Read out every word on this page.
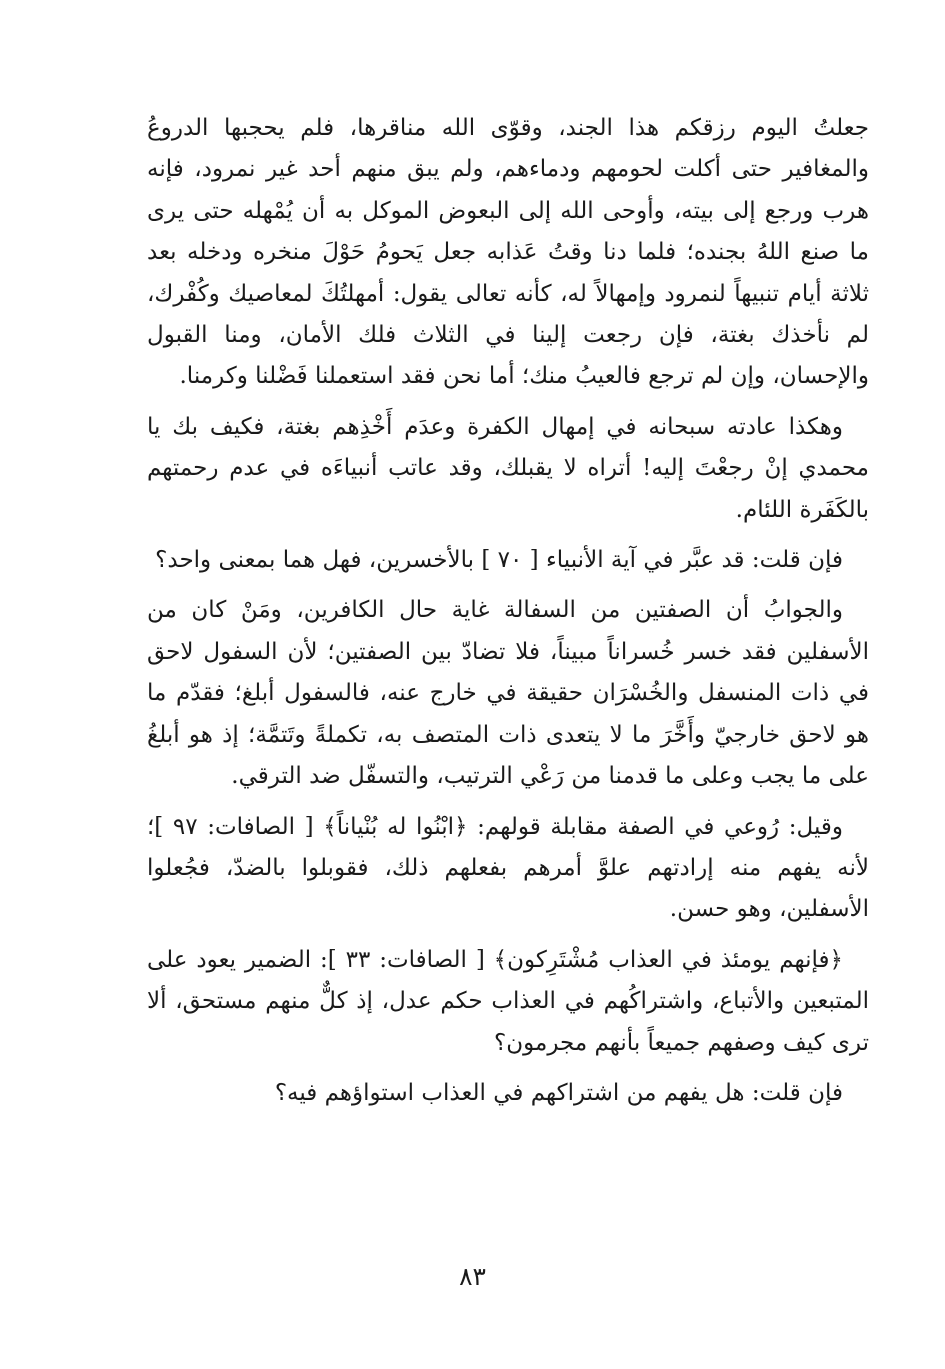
جعلتُ اليوم رزقكم هذا الجند، وقوّى الله مناقرها، فلم يحجبها الدروعُ والمغافير حتى أكلت لحومهم ودماءهم، ولم يبق منهم أحد غير نمرود، فإنه هرب ورجع إلى بيته، وأوحى الله إلى البعوض الموكل به أن يُمْهله حتى يرى ما صنع اللهُ بجنده؛ فلما دنا وقتُ عَذابه جعل يَحومُ حَوْلَ منخره ودخله بعد ثلاثة أيام تنبيهاً لنمرود وإمهالاً له، كأنه تعالى يقول: أمهلتُكَ لمعاصيك وكُفْرك، لم نأخذك بغتة، فإن رجعت إلينا في الثلاث فلك الأمان، ومنا القبول والإحسان، وإن لم ترجع فالعيبُ منك؛ أما نحن فقد استعملنا فَضْلنا وكرمنا.

وهكذا عادته سبحانه في إمهال الكفرة وعدَم أَخْذِهم بغتة، فكيف بك يا محمدي إنْ رجعْتَ إليه! أتراه لا يقبلك، وقد عاتب أنبياءَه في عدم رحمتهم بالكَفَرة اللئام.

فإن قلت: قد عبَّر في آية الأنبياء [ ٧٠ ] بالأخسرين، فهل هما بمعنى واحد؟

والجوابُ أن الصفتين من السفالة غاية حال الكافرين، ومَنْ كان من الأسفلين فقد خسر خُسراناً مبيناً، فلا تضادّ بين الصفتين؛ لأن السفول لاحق في ذات المنسفل والخُسْرَان حقيقة في خارج عنه، فالسفول أبلغ؛ فقدّم ما هو لاحق خارجيّ وأَخَّرَ ما لا يتعدى ذات المتصف به، تكملةً وتَتمَّة؛ إذ هو أبلغُ على ما يجب وعلى ما قدمنا من رَعْي الترتيب، والتسفّل ضد الترقي.

وقيل: رُوعي في الصفة مقابلة قولهم: ﴿ابْنُوا له بُنْياناً﴾ [ الصافات: ٩٧ ]؛ لأنه يفهم منه إرادتهم علوَّ أمرهم بفعلهم ذلك، فقوبلوا بالضدّ، فجُعلوا الأسفلين، وهو حسن.

﴿فإنهم يومئذ في العذاب مُشْتَرِكون﴾ [ الصافات: ٣٣ ]: الضمير يعود على المتبعين والأتباع، واشتراكُهم في العذاب حكم عدل، إذ كلٌّ منهم مستحق، ألا ترى كيف وصفهم جميعاً بأنهم مجرمون؟

فإن قلت: هل يفهم من اشتراكهم في العذاب استواؤهم فيه؟

٨٣
